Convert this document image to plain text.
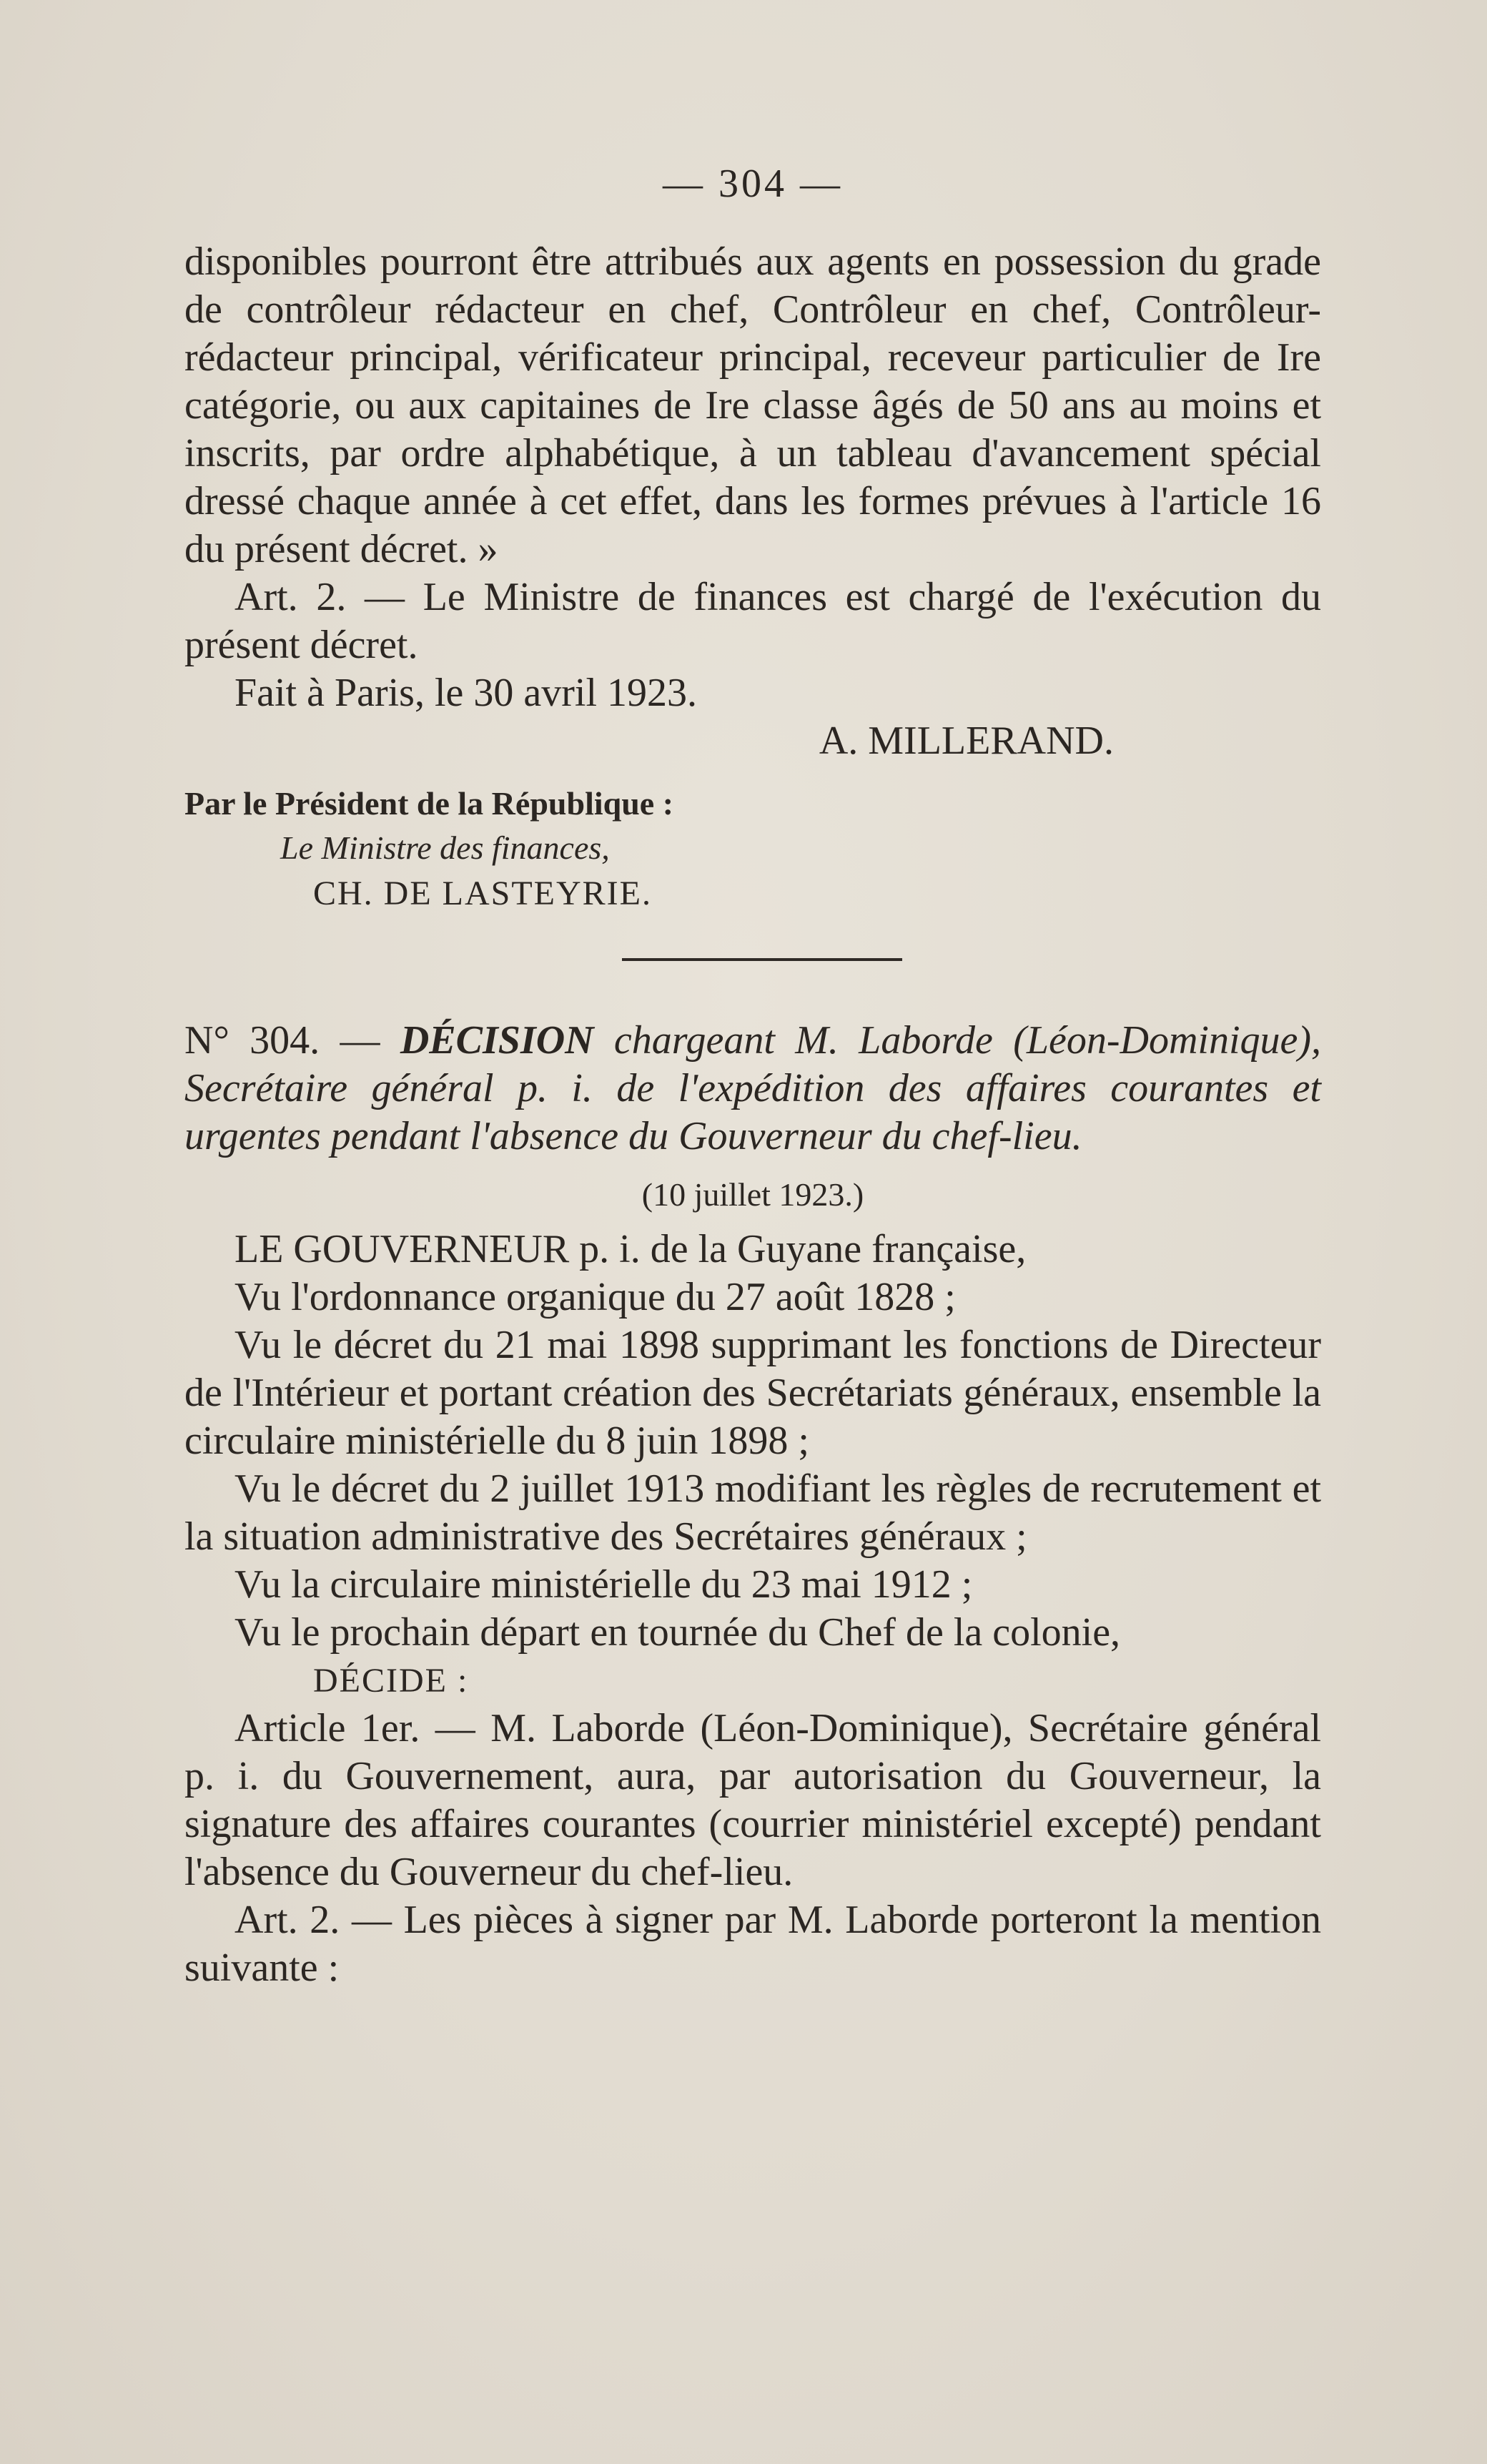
— 304 —

disponibles pourront être attribués aux agents en possession du grade de contrôleur rédacteur en chef, Contrôleur en chef, Contrôleur-rédacteur principal, vérificateur principal, receveur particulier de Ire catégorie, ou aux capitaines de Ire classe âgés de 50 ans au moins et inscrits, par ordre alphabétique, à un tableau d'avancement spécial dressé chaque année à cet effet, dans les formes prévues à l'article 16 du présent décret. »

Art. 2. — Le Ministre de finances est chargé de l'exécution du présent décret.

Fait à Paris, le 30 avril 1923.

A. MILLERAND.

Par le Président de la République :

Le Ministre des finances,

CH. DE LASTEYRIE.

N° 304. — DÉCISION chargeant M. Laborde (Léon-Dominique), Secrétaire général p. i. de l'expédition des affaires courantes et urgentes pendant l'absence du Gouverneur du chef-lieu.

(10 juillet 1923.)

LE GOUVERNEUR p. i. de la Guyane française,

Vu l'ordonnance organique du 27 août 1828 ;

Vu le décret du 21 mai 1898 supprimant les fonctions de Directeur de l'Intérieur et portant création des Secrétariats généraux, ensemble la circulaire ministérielle du 8 juin 1898 ;

Vu le décret du 2 juillet 1913 modifiant les règles de recrutement et la situation administrative des Secrétaires généraux ;

Vu la circulaire ministérielle du 23 mai 1912 ;

Vu le prochain départ en tournée du Chef de la colonie,

DÉCIDE :

Article 1er. — M. Laborde (Léon-Dominique), Secrétaire général p. i. du Gouvernement, aura, par autorisation du Gouverneur, la signature des affaires courantes (courrier ministériel excepté) pendant l'absence du Gouverneur du chef-lieu.

Art. 2. — Les pièces à signer par M. Laborde porteront la mention suivante :
